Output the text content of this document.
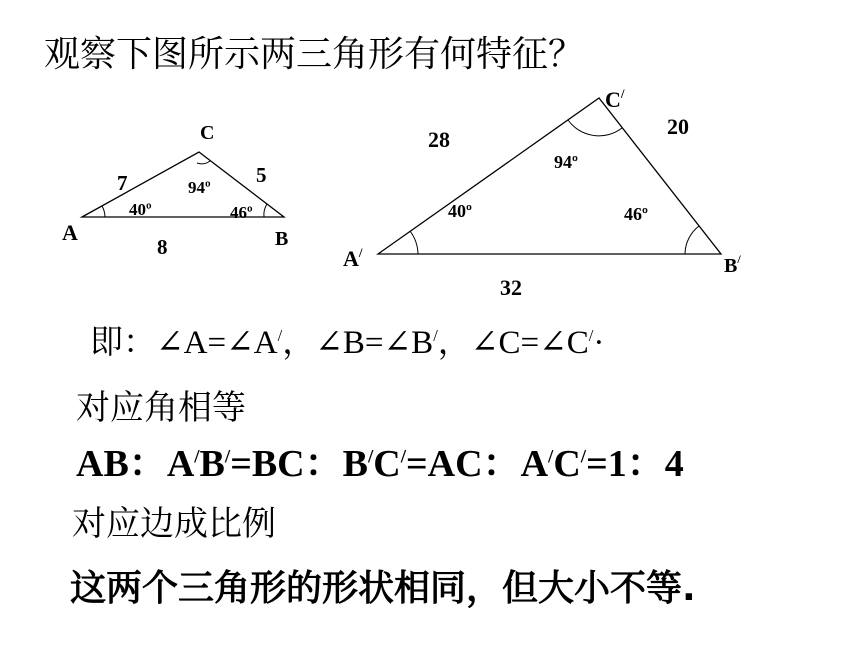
观察下图所示两三角形有何特征？
A	B
C
7	5
8
40º	46º
94º
A/
B/
C/
28
20
32
40º	46º
94º
即：∠A=∠A/，∠B=∠B/，∠C=∠C/·
对应角相等
AB：A/B/=BC：B/C/=AC：A/C/=1：4
对应边成比例
这两个三角形的形状相同，但大小不等.
